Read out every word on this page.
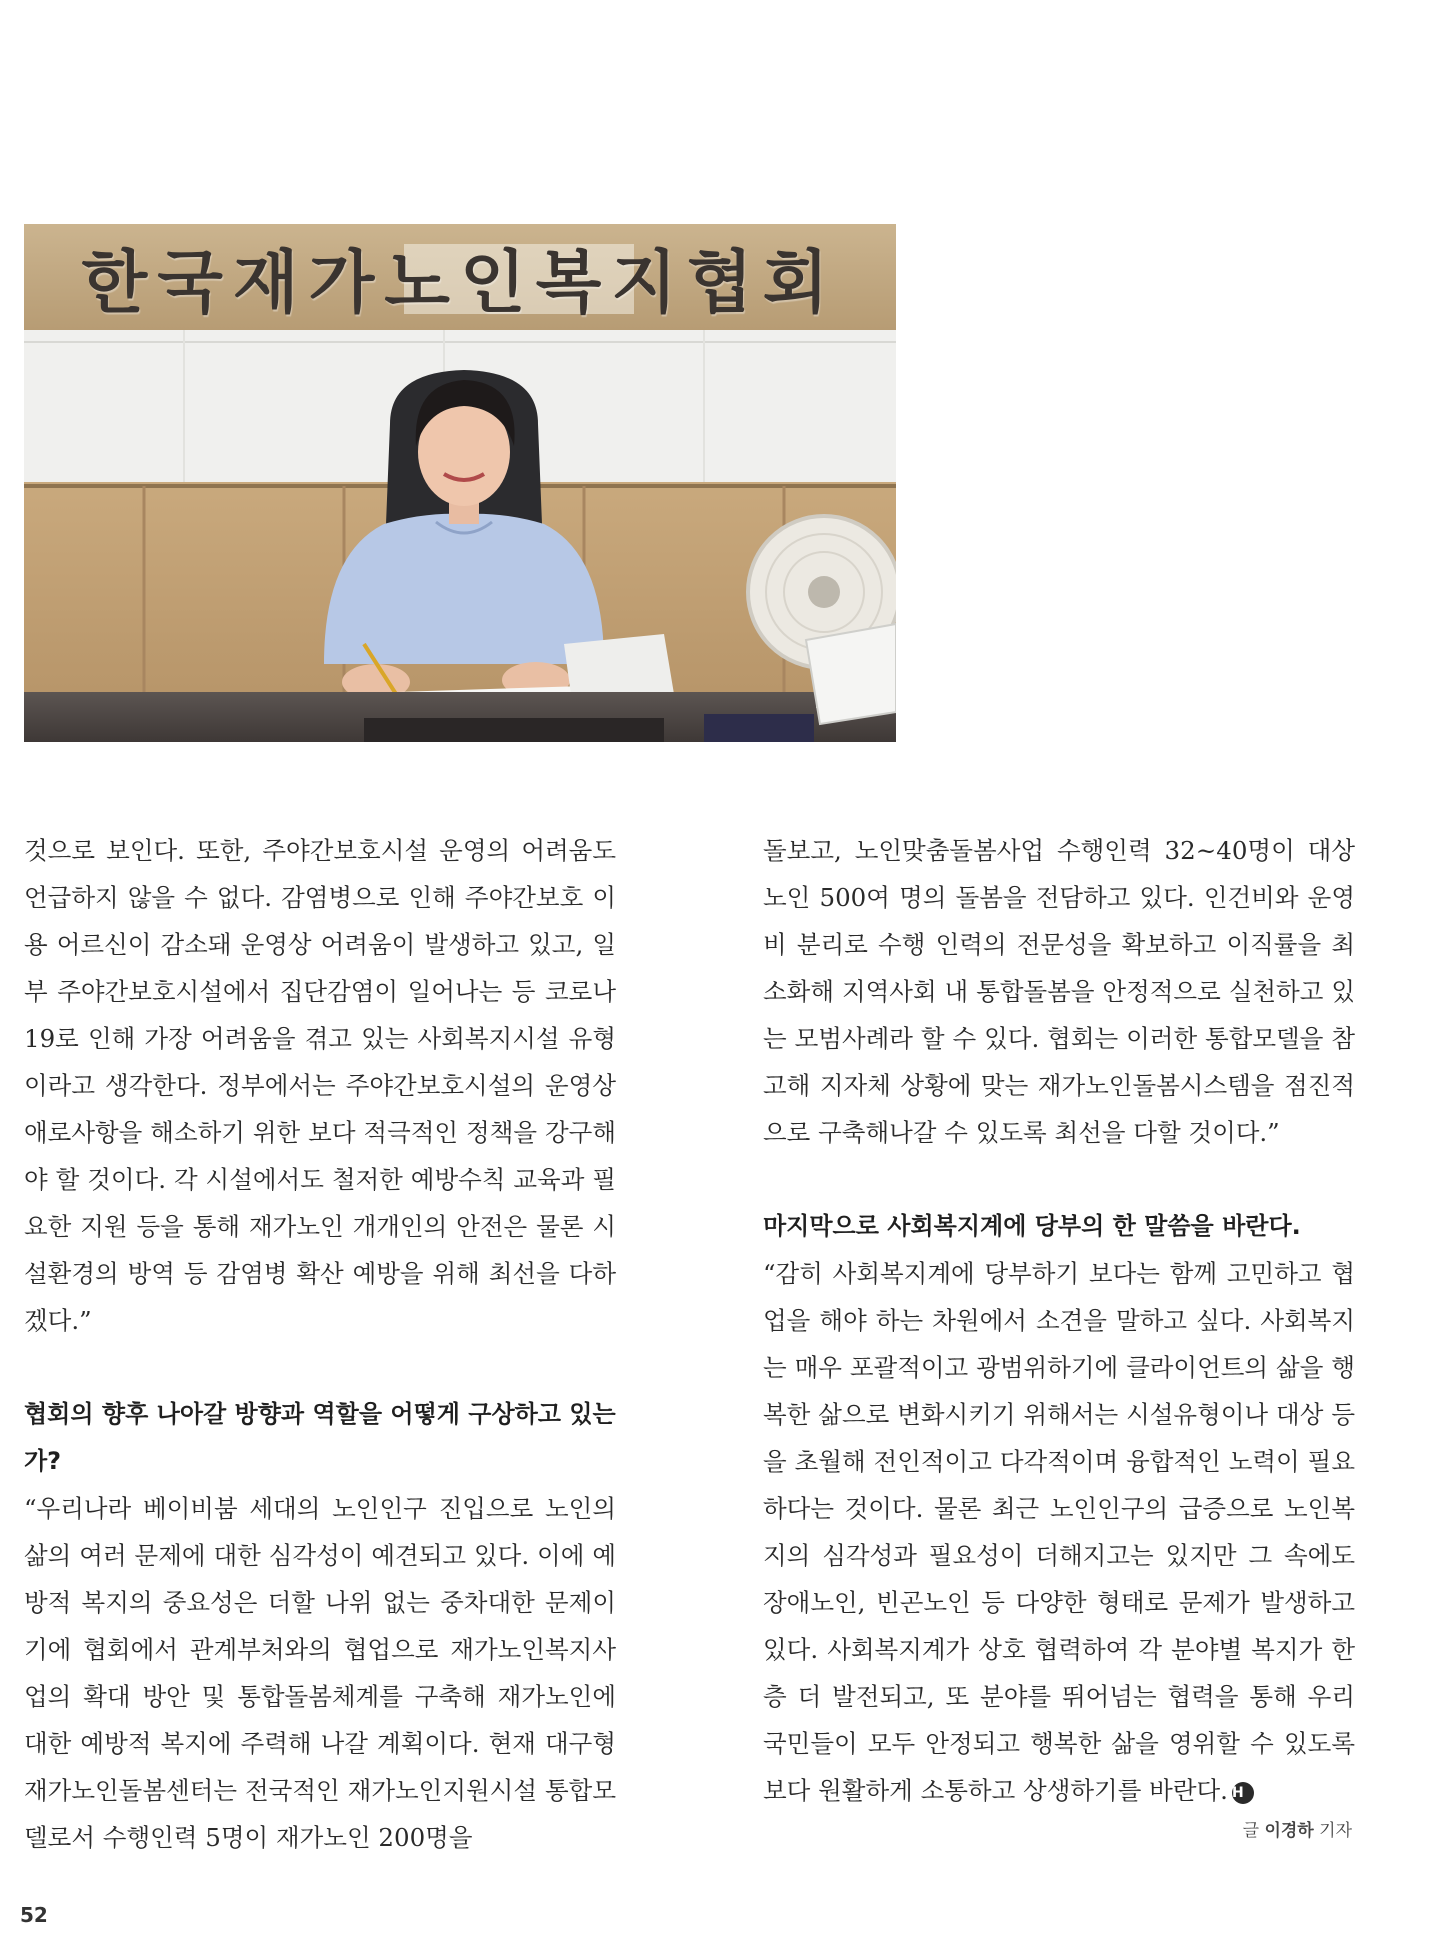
한국재가노인복지협회

것으로 보인다. 또한, 주야간보호시설 운영의 어려움도 언급하지 않을 수 없다. 감염병으로 인해 주야간보호 이용 어르신이 감소돼 운영상 어려움이 발생하고 있고, 일부 주야간보호시설에서 집단감염이 일어나는 등 코로나19로 인해 가장 어려움을 겪고 있는 사회복지시설 유형이라고 생각한다. 정부에서는 주야간보호시설의 운영상 애로사항을 해소하기 위한 보다 적극적인 정책을 강구해야 할 것이다. 각 시설에서도 철저한 예방수칙 교육과 필요한 지원 등을 통해 재가노인 개개인의 안전은 물론 시설환경의 방역 등 감염병 확산 예방을 위해 최선을 다하겠다.”

협회의 향후 나아갈 방향과 역할을 어떻게 구상하고 있는가?

“우리나라 베이비붐 세대의 노인인구 진입으로 노인의 삶의 여러 문제에 대한 심각성이 예견되고 있다. 이에 예방적 복지의 중요성은 더할 나위 없는 중차대한 문제이기에 협회에서 관계부처와의 협업으로 재가노인복지사업의 확대 방안 및 통합돌봄체계를 구축해 재가노인에 대한 예방적 복지에 주력해 나갈 계획이다. 현재 대구형 재가노인돌봄센터는 전국적인 재가노인지원시설 통합모델로서 수행인력 5명이 재가노인 200명을

돌보고, 노인맞춤돌봄사업 수행인력 32~40명이 대상노인 500여 명의 돌봄을 전담하고 있다. 인건비와 운영비 분리로 수행 인력의 전문성을 확보하고 이직률을 최소화해 지역사회 내 통합돌봄을 안정적으로 실천하고 있는 모범사례라 할 수 있다. 협회는 이러한 통합모델을 참고해 지자체 상황에 맞는 재가노인돌봄시스템을 점진적으로 구축해나갈 수 있도록 최선을 다할 것이다.”

마지막으로 사회복지계에 당부의 한 말씀을 바란다.

“감히 사회복지계에 당부하기 보다는 함께 고민하고 협업을 해야 하는 차원에서 소견을 말하고 싶다. 사회복지는 매우 포괄적이고 광범위하기에 클라이언트의 삶을 행복한 삶으로 변화시키기 위해서는 시설유형이나 대상 등을 초월해 전인적이고 다각적이며 융합적인 노력이 필요하다는 것이다. 물론 최근 노인인구의 급증으로 노인복지의 심각성과 필요성이 더해지고는 있지만 그 속에도 장애노인, 빈곤노인 등 다양한 형태로 문제가 발생하고 있다. 사회복지계가 상호 협력하여 각 분야별 복지가 한층 더 발전되고, 또 분야를 뛰어넘는 협력을 통해 우리 국민들이 모두 안정되고 행복한 삶을 영위할 수 있도록 보다 원활하게 소통하고 상생하기를 바란다. H

글 이경하 기자
52
